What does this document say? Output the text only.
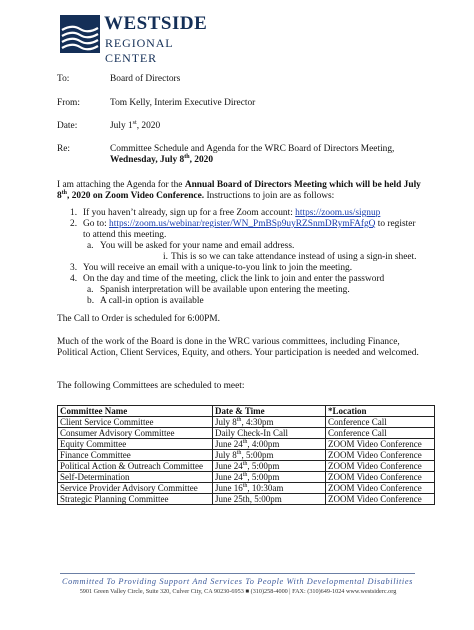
WESTSIDE
REGIONAL CENTER
To:	Board of Directors
From:	Tom Kelly, Interim Executive Director
Date:	July 1st, 2020
Re:	Committee Schedule and Agenda for the WRC Board of Directors Meeting,
Wednesday, July 8th, 2020
I am attaching the Agenda for the Annual Board of Directors Meeting which will be held July
8th, 2020 on Zoom Video Conference. Instructions to join are as follows:
1. If you haven’t already, sign up for a free Zoom account: https://zoom.us/signup
2. Go to: https://zoom.us/webinar/register/WN_PmBSp9uyRZSnmDRymFAfgQ to register
to attend this meeting.
a. You will be asked for your name and email address.
i. This is so we can take attendance instead of using a sign-in sheet.
3. You will receive an email with a unique-to-you link to join the meeting.
4. On the day and time of the meeting, click the link to join and enter the password
a. Spanish interpretation will be available upon entering the meeting.
b. A call-in option is available
The Call to Order is scheduled for 6:00PM.
Much of the work of the Board is done in the WRC various committees, including Finance, Political Action, Client Services, Equity, and others. Your participation is needed and welcomed.
The following Committees are scheduled to meet:
Committee Name	Date & Time	*Location
Client Service Committee	July 8th, 4:30pm	Conference Call
Consumer Advisory Committee	Daily Check-In Call	Conference Call
Equity Committee	June 24th, 4:00pm	ZOOM Video Conference
Finance Committee	July 8th, 5:00pm	ZOOM Video Conference
Political Action & Outreach Committee	June 24th, 5:00pm	ZOOM Video Conference
Self-Determination	June 24th, 5:00pm	ZOOM Video Conference
Service Provider Advisory Committee	June 16th, 10:30am	ZOOM Video Conference
Strategic Planning Committee	June 25th, 5:00pm	ZOOM Video Conference
Committed To Providing Support And Services To People With Developmental Disabilities
5901 Green Valley Circle, Suite 320, Culver City, CA 90230-6953 ■ (310)258-4000 | FAX: (310)649-1024 www.westsiderc.org
